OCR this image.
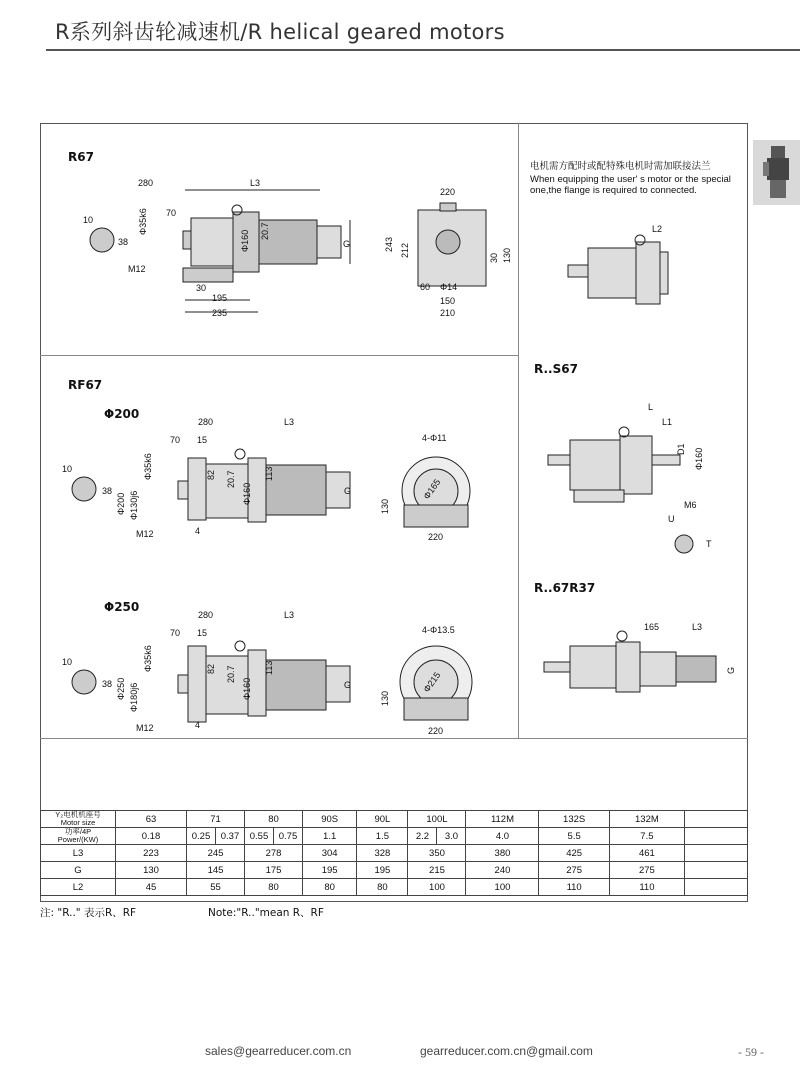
R系列斜齿轮减速机/R helical geared motors
R67
RF67
Φ200
Φ250
R..S67
R..67R37
电机需方配时或配特殊电机时需加联接法兰
When equipping the user' s motor or the special one,the flange is required to connected.
280	L3
70
10
38
Φ35k6
M12
G
Φ160 20.7
30
195
235
220
243 212
60 Φ14
150
210
30 130
L2
280	L3
70 15
10
38
Φ200 Φ130j6
Φ35k6	82 20.7
Φ160
113
G
M12	4
4-Φ11
Φ165
130
220
280	L3
70 15
10
38 Φ250 Φ180j6
Φ35k6	82 20.7
Φ160
113
G
M12	4
4-Φ13.5
Φ215
130
220
L
L1
D1 Φ160
M6
U
T
165	L3
G
Y₂电机机座号
Motor size	63	71		80		90S	90L	100L		112M	132S	132M	
功率/4P
Power/(KW)	0.18	0.25	0.37	0.55	0.75	1.1	1.5	2.2	3.0	4.0	5.5	7.5	
L3	223	245		278		304	328	350		380	425	461	
G	130	145		175		195	195	215		240	275	275	
L2	45	55		80		80	80	100		100	110	110	
注: "R.." 表示R、RF	Note:"R.."mean R、RF
sales@gearreducer.com.cn	gearreducer.com.cn@gmail.com	- 59 -
